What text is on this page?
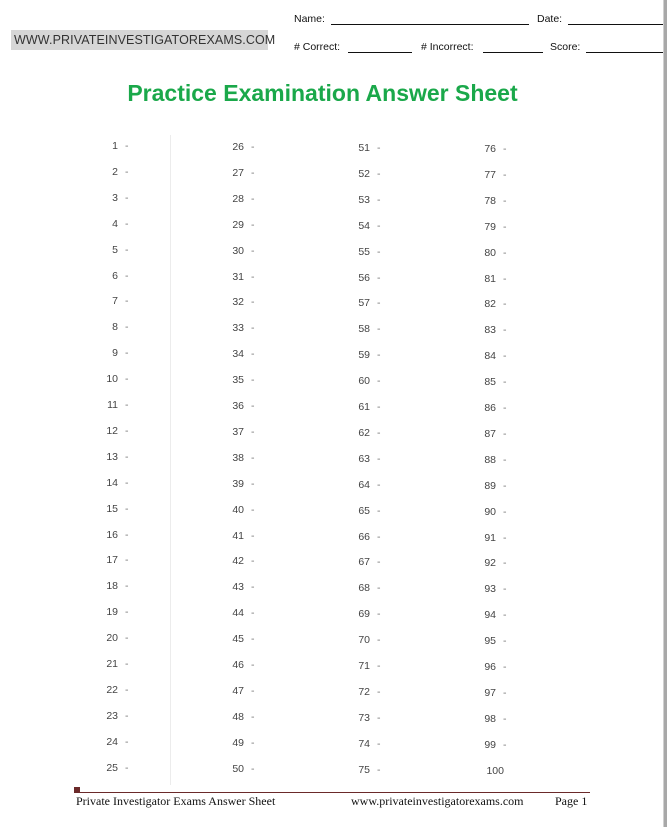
WWW.PRIVATEINVESTIGATOREXAMS.COM
Name:	Date:
# Correct:	# Incorrect:	Score:
Practice Examination Answer Sheet
1 -
2 -
3 -
4 -
5 -
6 -
7 -
8 -
9 -
10 -
11 -
12 -
13 -
14 -
15 -
16 -
17 -
18 -
19 -
20 -
21 -
22 -
23 -
24 -
25 -
26 -
27 -
28 -
29 -
30 -
31 -
32 -
33 -
34 -
35 -
36 -
37 -
38 -
39 -
40 -
41 -
42 -
43 -
44 -
45 -
46 -
47 -
48 -
49 -
50 -
51 -
52 -
53 -
54 -
55 -
56 -
57 -
58 -
59 -
60 -
61 -
62 -
63 -
64 -
65 -
66 -
67 -
68 -
69 -
70 -
71 -
72 -
73 -
74 -
75 -
76 -
77 -
78 -
79 -
80 -
81 -
82 -
83 -
84 -
85 -
86 -
87 -
88 -
89 -
90 -
91 -
92 -
93 -
94 -
95 -
96 -
97 -
98 -
99 -
100
Private Investigator Exams Answer Sheet	www.privateinvestigatorexams.com	Page 1
